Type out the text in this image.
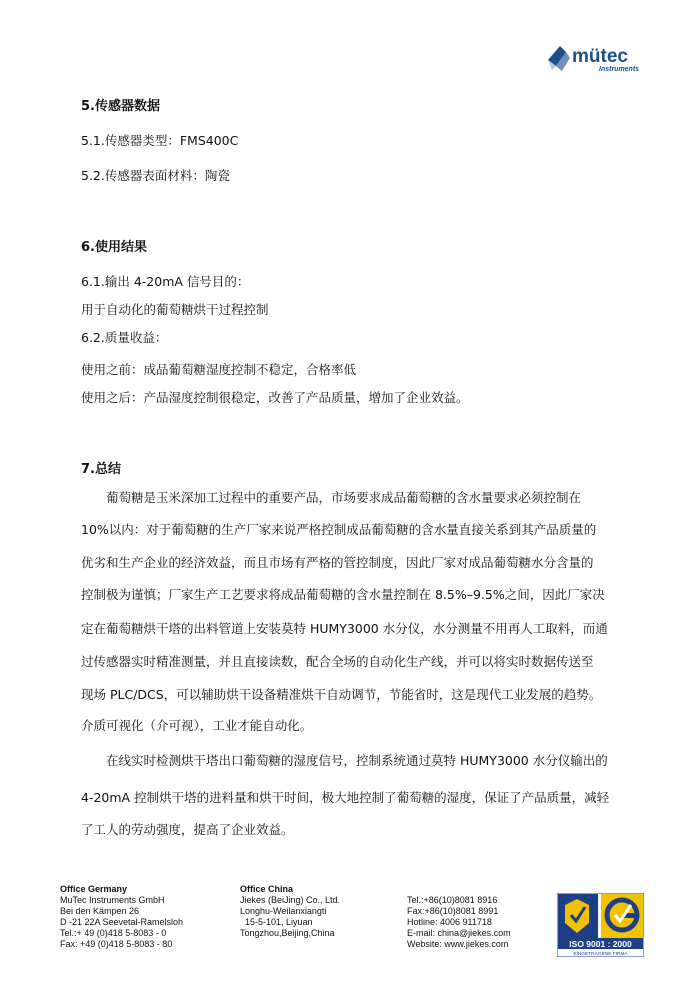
mütec
Instruments
5.传感器数据
5.1.传感器类型：FMS400C
5.2.传感器表面材料：陶瓷
6.使用结果
6.1.输出 4-20mA 信号目的：
用于自动化的葡萄糖烘干过程控制
6.2.质量收益：
使用之前：成品葡萄糖湿度控制不稳定，合格率低
使用之后：产品湿度控制很稳定，改善了产品质量，增加了企业效益。
7.总结
　　葡萄糖是玉米深加工过程中的重要产品，市场要求成品葡萄糖的含水量要求必须控制在
10%以内：对于葡萄糖的生产厂家来说严格控制成品葡萄糖的含水量直接关系到其产品质量的
优劣和生产企业的经济效益，而且市场有严格的管控制度，因此厂家对成品葡萄糖水分含量的
控制极为谨慎；厂家生产工艺要求将成品葡萄糖的含水量控制在 8.5%–9.5%之间，因此厂家决
定在葡萄糖烘干塔的出料管道上安装莫特 HUMY3000 水分仪，水分测量不用再人工取料，而通
过传感器实时精准测量，并且直接读数，配合全场的自动化生产线，并可以将实时数据传送至
现场 PLC/DCS，可以辅助烘干设备精准烘干自动调节，节能省时，这是现代工业发展的趋势。
介质可视化（介可视），工业才能自动化。
　　在线实时检测烘干塔出口葡萄糖的湿度信号，控制系统通过莫特 HUMY3000 水分仪输出的
4-20mA 控制烘干塔的进料量和烘干时间，极大地控制了葡萄糖的湿度，保证了产品质量，减轻
了工人的劳动强度，提高了企业效益。
Office Germany
MuTec Instruments GmbH
Bei den Kämpen 26
D -21 22A Seevetal-Ramelsloh
Tel.:+ 49 (0)418 5-8083 - 0
Fax: +49 (0)418 5-8083 - 80
Office China
Jiekes (BeiJing) Co., Ltd.
Longhu-Weilanxiangti
15-5-101, Liyuan
Tongzhou,Beijing,China
Tel.:+86(10)8081 8916
Fax:+86(10)8081 8991
Hotline: 4006 911718
E-mail: china@jiekes.com
Website: www.jiekes.com	ISO 9001 : 2000
EINGETRAGENE FIRMA
